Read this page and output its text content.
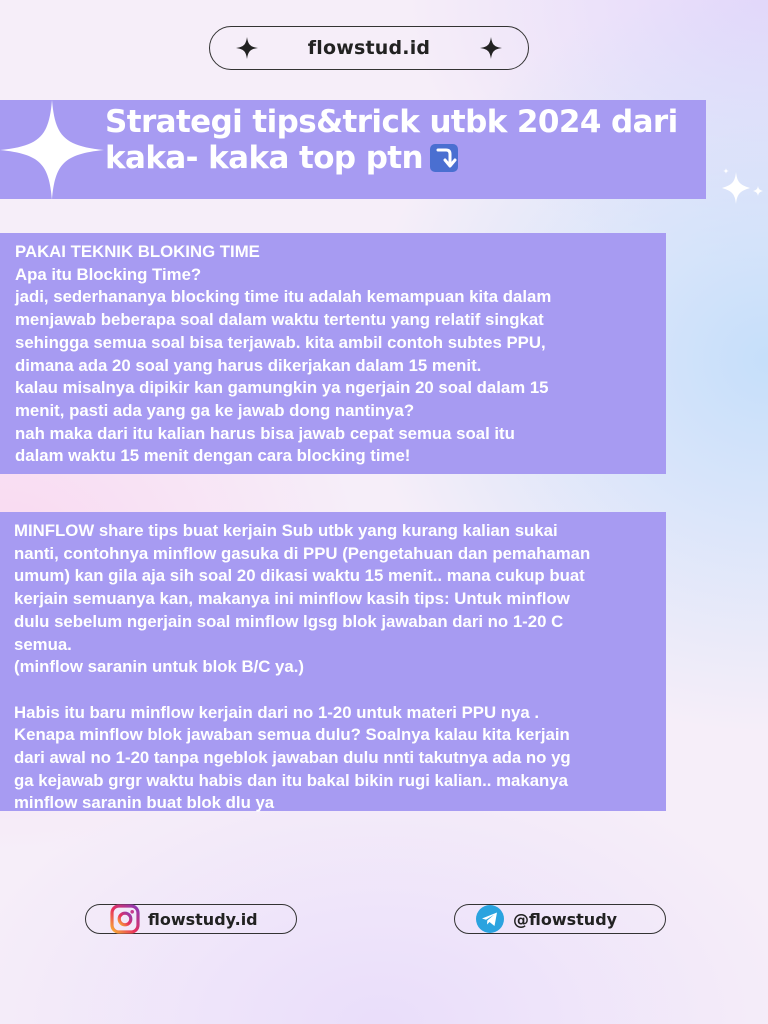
flowstud.id
Strategi tips&trick utbk 2024 dari kaka- kaka top ptn
PAKAI TEKNIK BLOKING TIME
Apa itu Blocking Time?
jadi, sederhananya blocking time itu adalah kemampuan kita dalam
menjawab beberapa soal dalam waktu tertentu yang relatif singkat
sehingga semua soal bisa terjawab. kita ambil contoh subtes PPU,
dimana ada 20 soal yang harus dikerjakan dalam 15 menit.
kalau misalnya dipikir kan gamungkin ya ngerjain 20 soal dalam 15
menit, pasti ada yang ga ke jawab dong nantinya?
nah maka dari itu kalian harus bisa jawab cepat semua soal itu
dalam waktu 15 menit dengan cara blocking time!
MINFLOW share tips buat kerjain Sub utbk yang kurang kalian sukai
nanti, contohnya minflow gasuka di PPU (Pengetahuan dan pemahaman
umum) kan gila aja sih soal 20 dikasi waktu 15 menit.. mana cukup buat
kerjain semuanya kan, makanya ini minflow kasih tips: Untuk minflow
dulu sebelum ngerjain soal minflow lgsg blok jawaban dari no 1-20 C
semua.
(minflow saranin untuk blok B/C ya.)
Habis itu baru minflow kerjain dari no 1-20 untuk materi PPU nya .
Kenapa minflow blok jawaban semua dulu? Soalnya kalau kita kerjain
dari awal no 1-20 tanpa ngeblok jawaban dulu nnti takutnya ada no yg
ga kejawab grgr waktu habis dan itu bakal bikin rugi kalian.. makanya
minflow saranin buat blok dlu ya
flowstudy.id	@flowstudy
